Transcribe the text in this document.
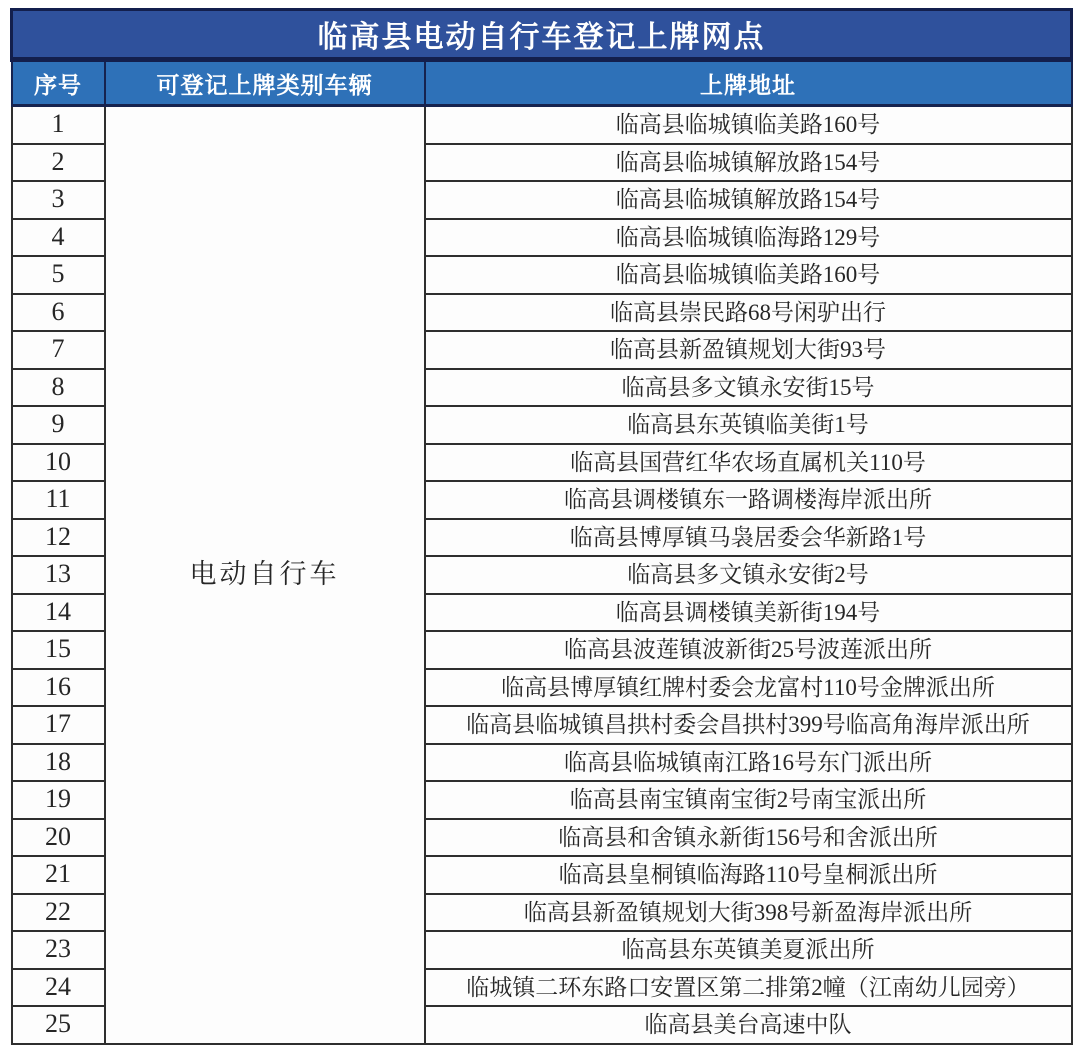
临高县电动自行车登记上牌网点		
序号	可登记上牌类别车辆	上牌地址
1	电动自行车	临高县临城镇临美路160号
2		临高县临城镇解放路154号
3		临高县临城镇解放路154号
4		临高县临城镇临海路129号
5		临高县临城镇临美路160号
6		临高县崇民路68号闲驴出行
7		临高县新盈镇规划大街93号
8		临高县多文镇永安街15号
9		临高县东英镇临美街1号
10		临高县国营红华农场直属机关110号
11		临高县调楼镇东一路调楼海岸派出所
12		临高县博厚镇马袅居委会华新路1号
13		临高县多文镇永安街2号
14		临高县调楼镇美新街194号
15		临高县波莲镇波新街25号波莲派出所
16		临高县博厚镇红牌村委会龙富村110号金牌派出所
17		临高县临城镇昌拱村委会昌拱村399号临高角海岸派出所
18		临高县临城镇南江路16号东门派出所
19		临高县南宝镇南宝街2号南宝派出所
20		临高县和舍镇永新街156号和舍派出所
21		临高县皇桐镇临海路110号皇桐派出所
22		临高县新盈镇规划大街398号新盈海岸派出所
23		临高县东英镇美夏派出所
24		临城镇二环东路口安置区第二排第2幢（江南幼儿园旁）
25		临高县美台高速中队
